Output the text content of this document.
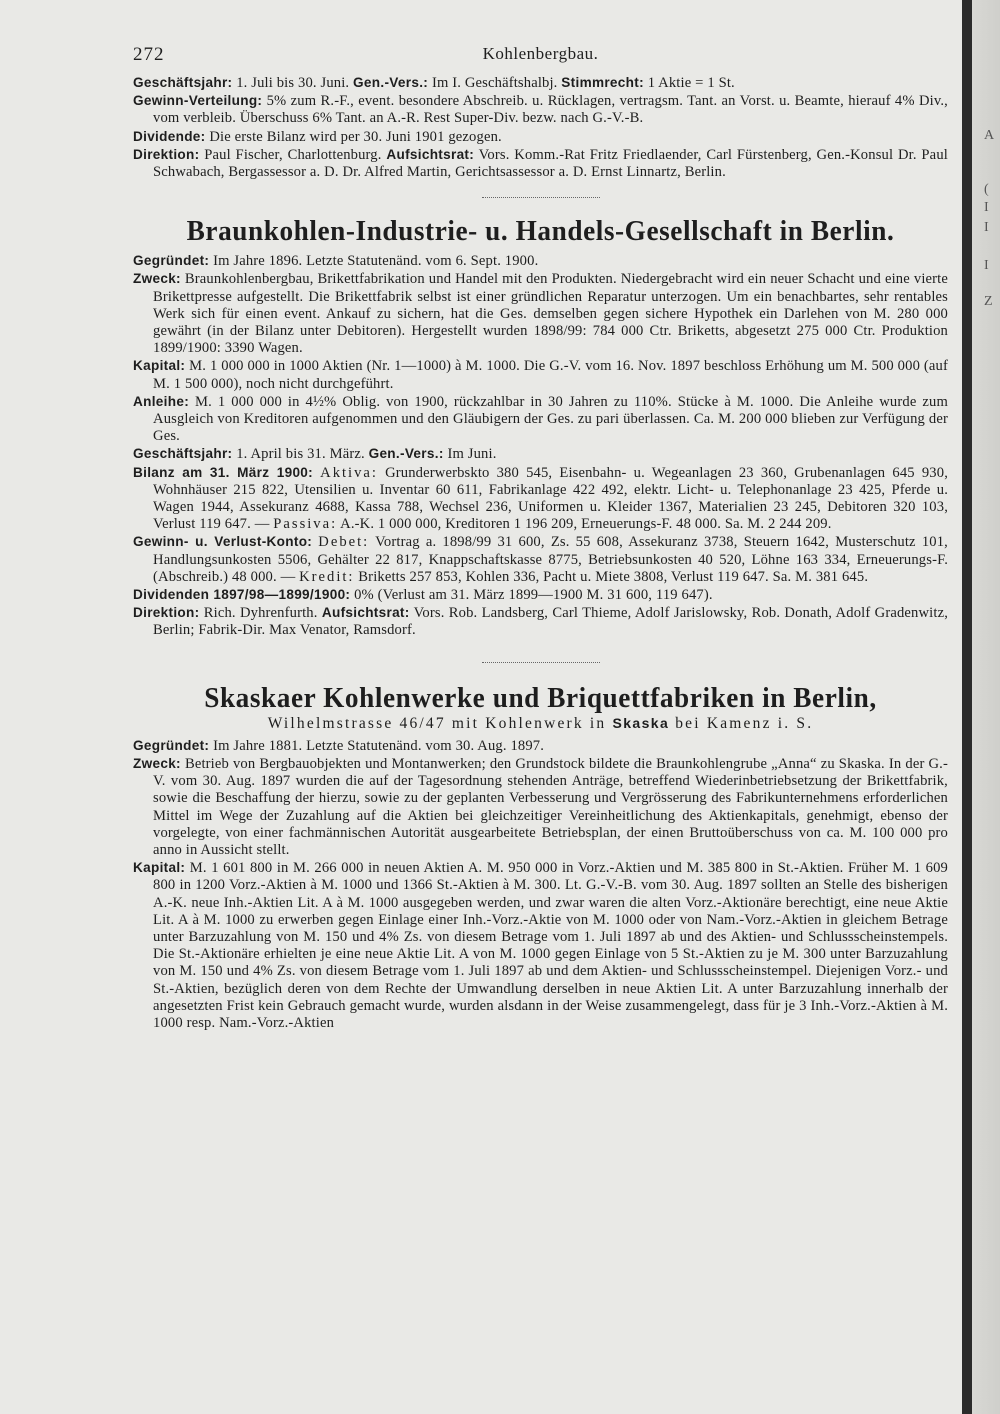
272	Kohlenbergbau.

Geschäftsjahr: 1. Juli bis 30. Juni. Gen.-Vers.: Im I. Geschäftshalbj. Stimmrecht: 1 Aktie = 1 St.

Gewinn-Verteilung: 5% zum R.-F., event. besondere Abschreib. u. Rücklagen, vertragsm. Tant. an Vorst. u. Beamte, hierauf 4% Div., vom verbleib. Überschuss 6% Tant. an A.-R. Rest Super-Div. bezw. nach G.-V.-B.

Dividende: Die erste Bilanz wird per 30. Juni 1901 gezogen.

Direktion: Paul Fischer, Charlottenburg. Aufsichtsrat: Vors. Komm.-Rat Fritz Friedlaender, Carl Fürstenberg, Gen.-Konsul Dr. Paul Schwabach, Bergassessor a. D. Dr. Alfred Martin, Gerichtsassessor a. D. Ernst Linnartz, Berlin.

Braunkohlen-Industrie- u. Handels-Gesellschaft in Berlin.

Gegründet: Im Jahre 1896. Letzte Statutenänd. vom 6. Sept. 1900.

Zweck: Braunkohlenbergbau, Brikettfabrikation und Handel mit den Produkten. Niedergebracht wird ein neuer Schacht und eine vierte Brikettpresse aufgestellt. Die Brikettfabrik selbst ist einer gründlichen Reparatur unterzogen. Um ein benachbartes, sehr rentables Werk sich für einen event. Ankauf zu sichern, hat die Ges. demselben gegen sichere Hypothek ein Darlehen von M. 280 000 gewährt (in der Bilanz unter Debitoren). Hergestellt wurden 1898/99: 784 000 Ctr. Briketts, abgesetzt 275 000 Ctr. Produktion 1899/1900: 3390 Wagen.

Kapital: M. 1 000 000 in 1000 Aktien (Nr. 1—1000) à M. 1000. Die G.-V. vom 16. Nov. 1897 beschloss Erhöhung um M. 500 000 (auf M. 1 500 000), noch nicht durchgeführt.

Anleihe: M. 1 000 000 in 4½% Oblig. von 1900, rückzahlbar in 30 Jahren zu 110%. Stücke à M. 1000. Die Anleihe wurde zum Ausgleich von Kreditoren aufgenommen und den Gläubigern der Ges. zu pari überlassen. Ca. M. 200 000 blieben zur Verfügung der Ges.

Geschäftsjahr: 1. April bis 31. März. Gen.-Vers.: Im Juni.

Bilanz am 31. März 1900: Aktiva: Grunderwerbskto 380 545, Eisenbahn- u. Wegeanlagen 23 360, Grubenanlagen 645 930, Wohnhäuser 215 822, Utensilien u. Inventar 60 611, Fabrikanlage 422 492, elektr. Licht- u. Telephonanlage 23 425, Pferde u. Wagen 1944, Assekuranz 4688, Kassa 788, Wechsel 236, Uniformen u. Kleider 1367, Materialien 23 245, Debitoren 320 103, Verlust 119 647. — Passiva: A.-K. 1 000 000, Kreditoren 1 196 209, Erneuerungs-F. 48 000. Sa. M. 2 244 209.

Gewinn- u. Verlust-Konto: Debet: Vortrag a. 1898/99 31 600, Zs. 55 608, Assekuranz 3738, Steuern 1642, Musterschutz 101, Handlungsunkosten 5506, Gehälter 22 817, Knappschaftskasse 8775, Betriebsunkosten 40 520, Löhne 163 334, Erneuerungs-F. (Abschreib.) 48 000. — Kredit: Briketts 257 853, Kohlen 336, Pacht u. Miete 3808, Verlust 119 647. Sa. M. 381 645.

Dividenden 1897/98—1899/1900: 0% (Verlust am 31. März 1899—1900 M. 31 600, 119 647).

Direktion: Rich. Dyhrenfurth. Aufsichtsrat: Vors. Rob. Landsberg, Carl Thieme, Adolf Jarislowsky, Rob. Donath, Adolf Gradenwitz, Berlin; Fabrik-Dir. Max Venator, Ramsdorf.

Skaskaer Kohlenwerke und Briquettfabriken in Berlin,
Wilhelmstrasse 46/47 mit Kohlenwerk in Skaska bei Kamenz i. S.

Gegründet: Im Jahre 1881. Letzte Statutenänd. vom 30. Aug. 1897.

Zweck: Betrieb von Bergbauobjekten und Montanwerken; den Grundstock bildete die Braunkohlengrube „Anna“ zu Skaska. In der G.-V. vom 30. Aug. 1897 wurden die auf der Tagesordnung stehenden Anträge, betreffend Wiederinbetriebsetzung der Brikettfabrik, sowie die Beschaffung der hierzu, sowie zu der geplanten Verbesserung und Vergrösserung des Fabrikunternehmens erforderlichen Mittel im Wege der Zuzahlung auf die Aktien bei gleichzeitiger Vereinheitlichung des Aktienkapitals, genehmigt, ebenso der vorgelegte, von einer fachmännischen Autorität ausgearbeitete Betriebsplan, der einen Bruttoüberschuss von ca. M. 100 000 pro anno in Aussicht stellt.

Kapital: M. 1 601 800 in M. 266 000 in neuen Aktien A. M. 950 000 in Vorz.-Aktien und M. 385 800 in St.-Aktien. Früher M. 1 609 800 in 1200 Vorz.-Aktien à M. 1000 und 1366 St.-Aktien à M. 300. Lt. G.-V.-B. vom 30. Aug. 1897 sollten an Stelle des bisherigen A.-K. neue Inh.-Aktien Lit. A à M. 1000 ausgegeben werden, und zwar waren die alten Vorz.-Aktionäre berechtigt, eine neue Aktie Lit. A à M. 1000 zu erwerben gegen Einlage einer Inh.-Vorz.-Aktie von M. 1000 oder von Nam.-Vorz.-Aktien in gleichem Betrage unter Barzuzahlung von M. 150 und 4% Zs. von diesem Betrage vom 1. Juli 1897 ab und des Aktien- und Schlussscheinstempels. Die St.-Aktionäre erhielten je eine neue Aktie Lit. A von M. 1000 gegen Einlage von 5 St.-Aktien zu je M. 300 unter Barzuzahlung von M. 150 und 4% Zs. von diesem Betrage vom 1. Juli 1897 ab und dem Aktien- und Schlussscheinstempel. Diejenigen Vorz.- und St.-Aktien, bezüglich deren von dem Rechte der Umwandlung derselben in neue Aktien Lit. A unter Barzuzahlung innerhalb der angesetzten Frist kein Gebrauch gemacht wurde, wurden alsdann in der Weise zusammengelegt, dass für je 3 Inh.-Vorz.-Aktien à M. 1000 resp. Nam.-Vorz.-Aktien

A
(
I
I
I
Z
